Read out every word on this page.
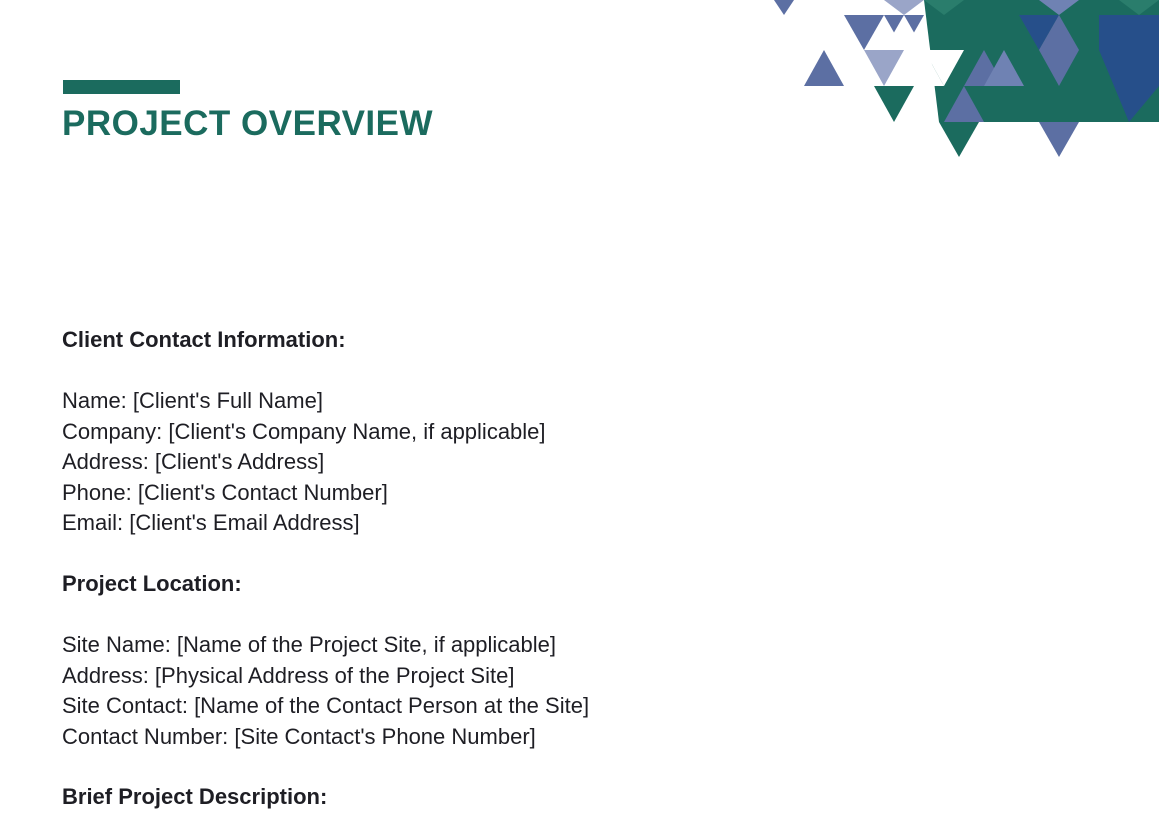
PROJECT OVERVIEW
Client Contact Information:
Name: [Client's Full Name]
Company: [Client's Company Name, if applicable]
Address: [Client's Address]
Phone: [Client's Contact Number]
Email: [Client's Email Address]
Project Location:
Site Name: [Name of the Project Site, if applicable]
Address: [Physical Address of the Project Site]
Site Contact: [Name of the Contact Person at the Site]
Contact Number: [Site Contact's Phone Number]
Brief Project Description:
